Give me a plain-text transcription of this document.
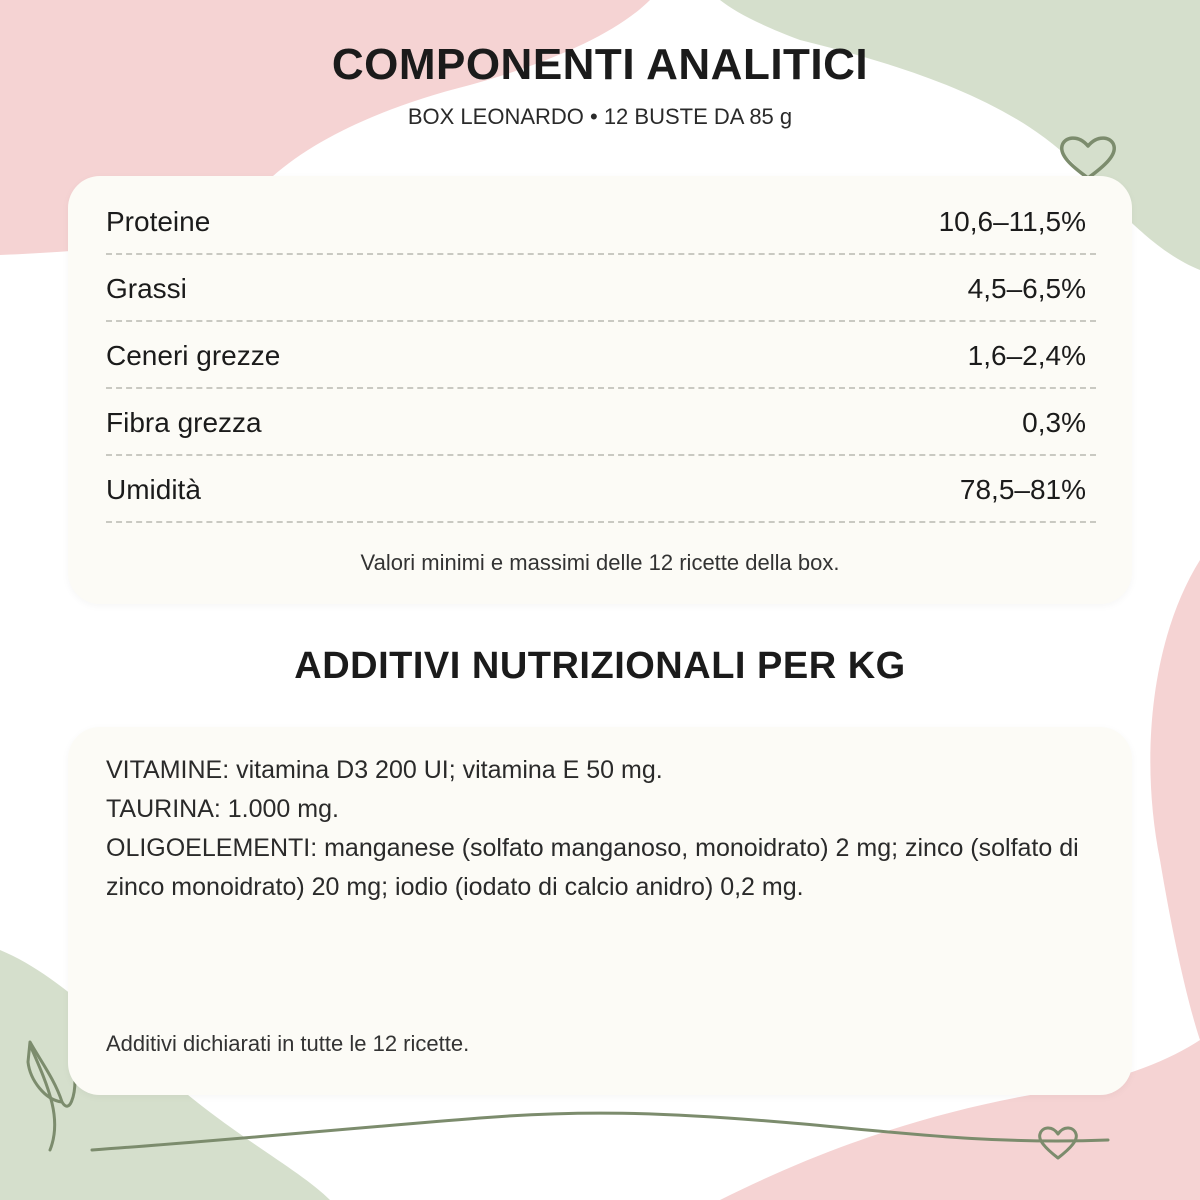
COMPONENTI ANALITICI
BOX LEONARDO • 12 BUSTE DA 85 g
Proteine	10,6–11,5%
Grassi	4,5–6,5%
Ceneri grezze	1,6–2,4%
Fibra grezza	0,3%
Umidità	78,5–81%
Valori minimi e massimi delle 12 ricette della box.
ADDITIVI NUTRIZIONALI PER KG

VITAMINE: vitamina D3 200 UI; vitamina E 50 mg.

TAURINA: 1.000 mg.

OLIGOELEMENTI: manganese (solfato manganoso, monoidrato) 2 mg; zinco (solfato di zinco monoidrato) 20 mg; iodio (iodato di calcio anidro) 0,2 mg.

Additivi dichiarati in tutte le 12 ricette.
